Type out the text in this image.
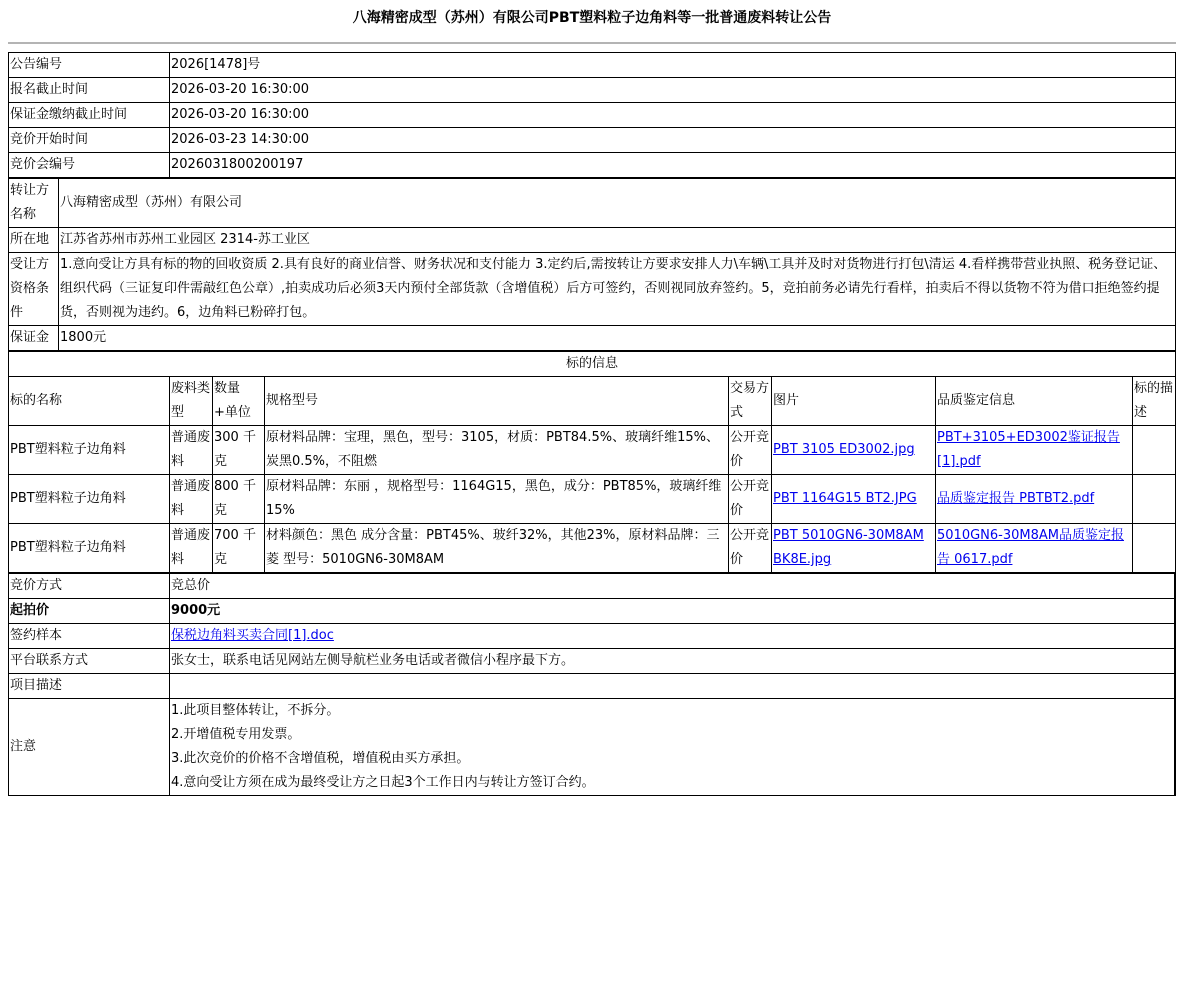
八海精密成型（苏州）有限公司PBT塑料粒子边角料等一批普通废料转让公告
公告编号	2026[1478]号
报名截止时间	2026-03-20 16:30:00
保证金缴纳截止时间	2026-03-20 16:30:00
竞价开始时间	2026-03-23 14:30:00
竞价会编号	2026031800200197
转让方名称	八海精密成型（苏州）有限公司
所在地	江苏省苏州市苏州工业园区 2314-苏工业区
受让方资格条件	1.意向受让方具有标的物的回收资质 2.具有良好的商业信誉、财务状况和支付能力 3.定约后,需按转让方要求安排人力\车辆\工具并及时对货物进行打包\清运 4.看样携带营业执照、税务登记证、组织代码（三证复印件需敲红色公章）,拍卖成功后必须3天内预付全部货款（含增值税）后方可签约，否则视同放弃签约。5，竞拍前务必请先行看样，拍卖后不得以货物不符为借口拒绝签约提货，否则视为违约。6，边角料已粉碎打包。
保证金	1800元
标的信息							
标的名称	废料类型	数量+单位	规格型号	交易方式	图片	品质鉴定信息	标的描述
PBT塑料粒子边角料	普通废料	300 千克	原材料品牌：宝理，黑色，型号：3105，材质：PBT84.5%、玻璃纤维15%、炭黑0.5%，不阻燃	公开竞价	PBT 3105 ED3002.jpg	PBT+3105+ED3002鉴证报告[1].pdf	
PBT塑料粒子边角料	普通废料	800 千克	原材料品牌：东丽 ，规格型号：1164G15，黑色，成分：PBT85%，玻璃纤维15%	公开竞价	PBT 1164G15 BT2.JPG	品质鉴定报告 PBTBT2.pdf	
PBT塑料粒子边角料	普通废料	700 千克	材料颜色：黑色 成分含量：PBT45%、玻纤32%，其他23%，原材料品牌：三菱 型号：5010GN6-30M8AM	公开竞价	PBT 5010GN6-30M8AM BK8E.jpg	5010GN6-30M8AM品质鉴定报告 0617.pdf	
竞价方式	竞总价
起拍价	9000元
签约样本	保税边角料买卖合同[1].doc
平台联系方式	张女士，联系电话见网站左侧导航栏业务电话或者微信小程序最下方。
项目描述	
注意	1.此项目整体转让，不拆分。
2.开增值税专用发票。
3.此次竞价的价格不含增值税，增值税由买方承担。
4.意向受让方须在成为最终受让方之日起3个工作日内与转让方签订合约。
